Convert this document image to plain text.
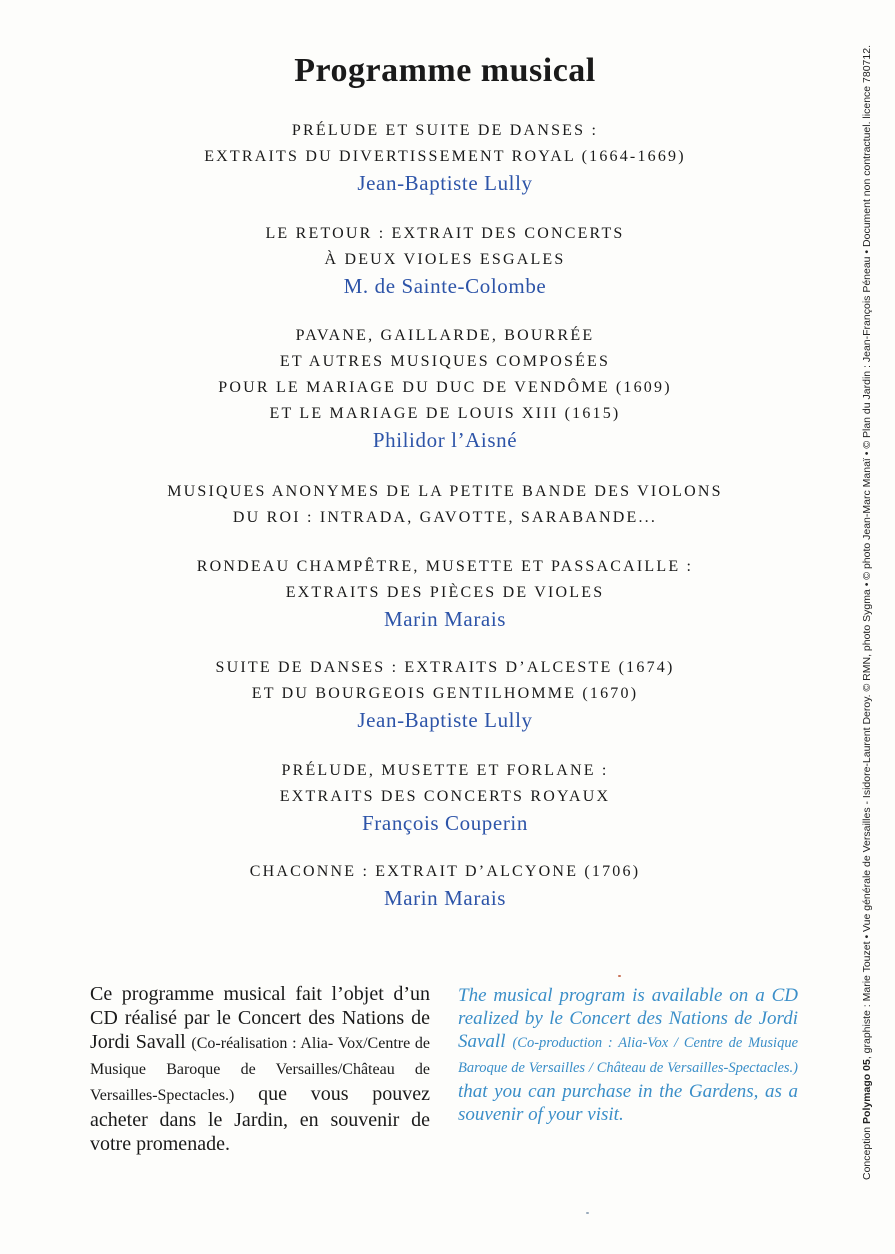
Programme musical
PRÉLUDE ET SUITE DE DANSES :
EXTRAITS DU DIVERTISSEMENT ROYAL (1664-1669)
Jean-Baptiste Lully
LE RETOUR : EXTRAIT DES CONCERTS
À DEUX VIOLES ESGALES
M. de Sainte-Colombe
PAVANE, GAILLARDE, BOURRÉE
ET AUTRES MUSIQUES COMPOSÉES
POUR LE MARIAGE DU DUC DE VENDÔME (1609)
ET LE MARIAGE DE LOUIS XIII (1615)
Philidor l’Aisné
MUSIQUES ANONYMES DE LA PETITE BANDE DES VIOLONS
DU ROI : INTRADA, GAVOTTE, SARABANDE...
RONDEAU CHAMPÊTRE, MUSETTE ET PASSACAILLE :
EXTRAITS DES PIÈCES DE VIOLES
Marin Marais
SUITE DE DANSES : EXTRAITS D’ALCESTE (1674)
ET DU BOURGEOIS GENTILHOMME (1670)
Jean-Baptiste Lully
PRÉLUDE, MUSETTE ET FORLANE :
EXTRAITS DES CONCERTS ROYAUX
François Couperin
CHACONNE : EXTRAIT D’ALCYONE (1706)
Marin Marais
Ce programme musical fait l’objet d’un CD réalisé par le Concert des Nations de Jordi Savall (Co-réalisation : Alia- Vox/Centre de Musique Baroque de Versailles/Château de Versailles-Spectacles.) que vous pouvez acheter dans le Jardin, en souvenir de votre promenade.
The musical program is available on a CD realized by le Concert des Nations de Jordi Savall (Co-production : Alia-Vox / Centre de Musique Baroque de Versailles / Château de Versailles-Spectacles.) that you can purchase in the Gardens, as a souvenir of your visit.
Conception Polymago 05, graphiste : Marie Touzet • Vue générale de Versailles - Isidore-Laurent Deroy. © RMN, photo Sygma • © photo Jean-Marc Manaï • © Plan du Jardin : Jean-François Péneau • Document non contractuel. licence 780712.
